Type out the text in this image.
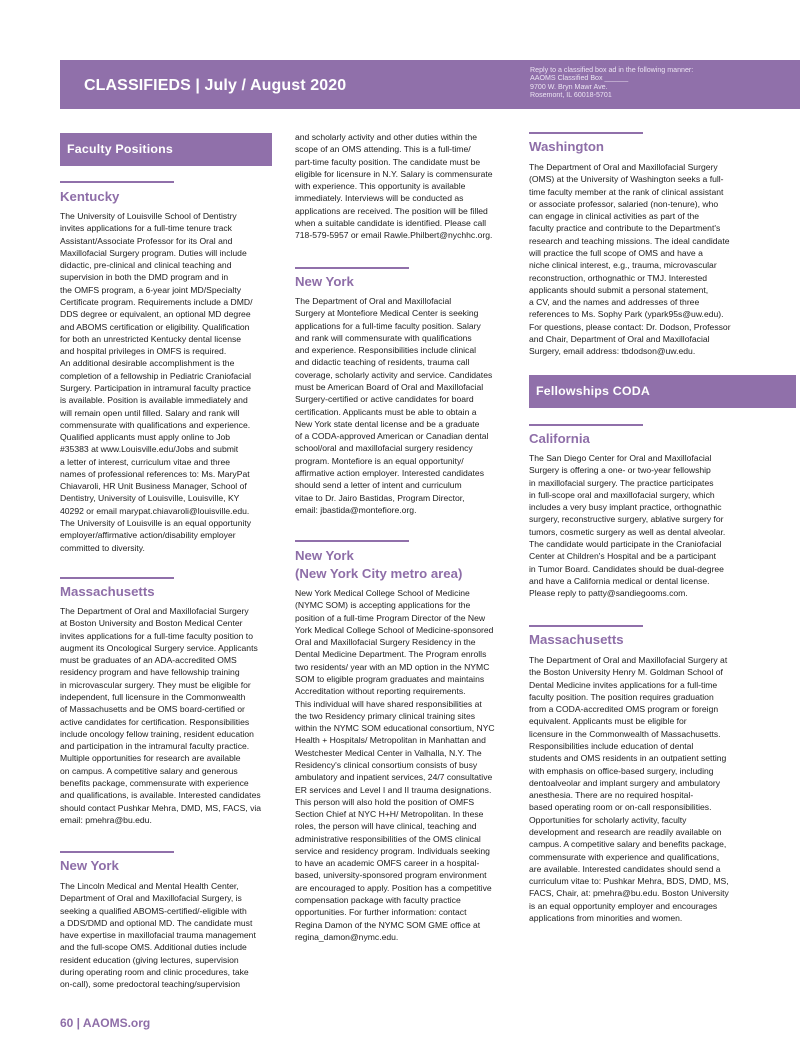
CLASSIFIEDS | July / August 2020
Reply to a classified box ad in the following manner:
AAOMS Classified Box ______
9700 W. Bryn Mawr Ave.
Rosemont, IL 60018-5701
Faculty Positions
Kentucky
The University of Louisville School of Dentistry
invites applications for a full-time tenure track
Assistant/Associate Professor for its Oral and
Maxillofacial Surgery program. Duties will include
didactic, pre-clinical and clinical teaching and
supervision in both the DMD program and in
the OMFS program, a 6-year joint MD/Specialty
Certificate program. Requirements include a DMD/
DDS degree or equivalent, an optional MD degree
and ABOMS certification or eligibility. Qualification
for both an unrestricted Kentucky dental license
and hospital privileges in OMFS is required.
An additional desirable accomplishment is the
completion of a fellowship in Pediatric Craniofacial
Surgery. Participation in intramural faculty practice
is available. Position is available immediately and
will remain open until filled. Salary and rank will
commensurate with qualifications and experience.
Qualified applicants must apply online to Job
#35383 at www.Louisville.edu/Jobs and submit
a letter of interest, curriculum vitae and three
names of professional references to: Ms. MaryPat
Chiavaroli, HR Unit Business Manager, School of
Dentistry, University of Louisville, Louisville, KY
40292 or email marypat.chiavaroli@louisville.edu.
The University of Louisville is an equal opportunity
employer/affirmative action/disability employer
committed to diversity.
Massachusetts
The Department of Oral and Maxillofacial Surgery
at Boston University and Boston Medical Center
invites applications for a full-time faculty position to
augment its Oncological Surgery service. Applicants
must be graduates of an ADA-accredited OMS
residency program and have fellowship training
in microvascular surgery. They must be eligible for
independent, full licensure in the Commonwealth
of Massachusetts and be OMS board-certified or
active candidates for certification. Responsibilities
include oncology fellow training, resident education
and participation in the intramural faculty practice.
Multiple opportunities for research are available
on campus. A competitive salary and generous
benefits package, commensurate with experience
and qualifications, is available. Interested candidates
should contact Pushkar Mehra, DMD, MS, FACS, via
email: pmehra@bu.edu.
New York
The Lincoln Medical and Mental Health Center,
Department of Oral and Maxillofacial Surgery, is
seeking a qualified ABOMS-certified/-eligible with
a DDS/DMD and optional MD. The candidate must
have expertise in maxillofacial trauma management
and the full-scope OMS. Additional duties include
resident education (giving lectures, supervision
during operating room and clinic procedures, take
on-call), some predoctoral teaching/supervision
and scholarly activity and other duties within the
scope of an OMS attending. This is a full-time/
part-time faculty position. The candidate must be
eligible for licensure in N.Y. Salary is commensurate
with experience. This opportunity is available
immediately. Interviews will be conducted as
applications are received. The position will be filled
when a suitable candidate is identified. Please call
718-579-5957 or email Rawle.Philbert@nychhc.org.
New York
The Department of Oral and Maxillofacial
Surgery at Montefiore Medical Center is seeking
applications for a full-time faculty position. Salary
and rank will commensurate with qualifications
and experience. Responsibilities include clinical
and didactic teaching of residents, trauma call
coverage, scholarly activity and service. Candidates
must be American Board of Oral and Maxillofacial
Surgery-certified or active candidates for board
certification. Applicants must be able to obtain a
New York state dental license and be a graduate
of a CODA-approved American or Canadian dental
school/oral and maxillofacial surgery residency
program. Montefiore is an equal opportunity/
affirmative action employer. Interested candidates
should send a letter of intent and curriculum
vitae to Dr. Jairo Bastidas, Program Director,
email: jbastida@montefiore.org.
New York
(New York City metro area)
New York Medical College School of Medicine
(NYMC SOM) is accepting applications for the
position of a full-time Program Director of the New
York Medical College School of Medicine-sponsored
Oral and Maxillofacial Surgery Residency in the
Dental Medicine Department. The Program enrolls
two residents/ year with an MD option in the NYMC
SOM to eligible program graduates and maintains
Accreditation without reporting requirements.
This individual will have shared responsibilities at
the two Residency primary clinical training sites
within the NYMC SOM educational consortium, NYC
Health + Hospitals/ Metropolitan in Manhattan and
Westchester Medical Center in Valhalla, N.Y. The
Residency's clinical consortium consists of busy
ambulatory and inpatient services, 24/7 consultative
ER services and Level I and II trauma designations.
This person will also hold the position of OMFS
Section Chief at NYC H+H/ Metropolitan. In these
roles, the person will have clinical, teaching and
administrative responsibilities of the OMS clinical
service and residency program. Individuals seeking
to have an academic OMFS career in a hospital-
based, university-sponsored program environment
are encouraged to apply. Position has a competitive
compensation package with faculty practice
opportunities. For further information: contact
Regina Damon of the NYMC SOM GME office at
regina_damon@nymc.edu.
Washington
The Department of Oral and Maxillofacial Surgery
(OMS) at the University of Washington seeks a full-
time faculty member at the rank of clinical assistant
or associate professor, salaried (non-tenure), who
can engage in clinical activities as part of the
faculty practice and contribute to the Department's
research and teaching missions. The ideal candidate
will practice the full scope of OMS and have a
niche clinical interest, e.g., trauma, microvascular
reconstruction, orthognathic or TMJ. Interested
applicants should submit a personal statement,
a CV, and the names and addresses of three
references to Ms. Sophy Park (ypark95s@uw.edu).
For questions, please contact: Dr. Dodson, Professor
and Chair, Department of Oral and Maxillofacial
Surgery, email address: tbdodson@uw.edu.
Fellowships CODA
California
The San Diego Center for Oral and Maxillofacial
Surgery is offering a one- or two-year fellowship
in maxillofacial surgery. The practice participates
in full-scope oral and maxillofacial surgery, which
includes a very busy implant practice, orthognathic
surgery, reconstructive surgery, ablative surgery for
tumors, cosmetic surgery as well as dental alveolar.
The candidate would participate in the Craniofacial
Center at Children's Hospital and be a participant
in Tumor Board. Candidates should be dual-degree
and have a California medical or dental license.
Please reply to patty@sandiegooms.com.
Massachusetts
The Department of Oral and Maxillofacial Surgery at
the Boston University Henry M. Goldman School of
Dental Medicine invites applications for a full-time
faculty position. The position requires graduation
from a CODA-accredited OMS program or foreign
equivalent. Applicants must be eligible for
licensure in the Commonwealth of Massachusetts.
Responsibilities include education of dental
students and OMS residents in an outpatient setting
with emphasis on office-based surgery, including
dentoalveolar and implant surgery and ambulatory
anesthesia. There are no required hospital-
based operating room or on-call responsibilities.
Opportunities for scholarly activity, faculty
development and research are readily available on
campus. A competitive salary and benefits package,
commensurate with experience and qualifications,
are available. Interested candidates should send a
curriculum vitae to: Pushkar Mehra, BDS, DMD, MS,
FACS, Chair, at: pmehra@bu.edu. Boston University
is an equal opportunity employer and encourages
applications from minorities and women.
60 | AAOMS.org
